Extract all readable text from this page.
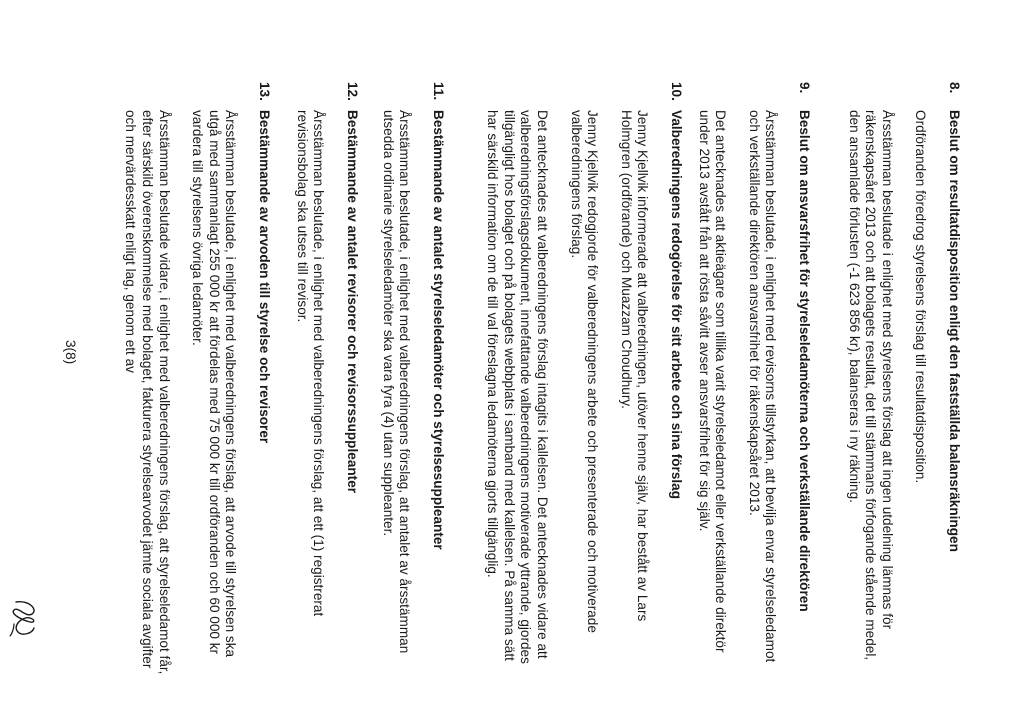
8.
Beslut om resultatdisposition enligt den fastställda balansräkningen

Ordföranden föredrog styrelsens förslag till resultatdisposition.

Årsstämman beslutade i enlighet med styrelsens förslag att ingen utdelning lämnas för räkenskapsåret 2013 och att bolagets resultat, det till stämmans förfogande stående medel, den ansamlade förlusten (-1 623 856 kr), balanseras i ny räkning.

9.
Beslut om ansvarsfrihet för styrelseledamöterna och verkställande direktören

Årsstämman beslutade, i enlighet med revisorns tillstyrkan, att bevilja envar styrelseledamot och verkställande direktören ansvarsfrihet för räkenskapsåret 2013.

Det antecknades att aktieägare som tillika varit styrelseledamot eller verkställande direktör under 2013 avstått från att rösta såvitt avser ansvarsfrihet för sig själv.

10.
Valberedningens redogörelse för sitt arbete och sina förslag

Jenny Kjellvik informerade att valberedningen, utöver henne själv, har bestått av Lars Holmgren (ordförande) och Muazzam Choudhury.

Jenny Kjellvik redogjorde för valberedningens arbete och presenterade och motiverade valberedningens förslag.

Det antecknades att valberedningens förslag intagits i kallelsen. Det antecknades vidare att valberedningsförslagsdokument, innefattande valberedningens motiverade yttrande, gjordes tillgängligt hos bolaget och på bolagets webbplats i samband med kallelsen. På samma sätt har särskild information om de till val föreslagna ledamöterna gjorts tillgänglig.

11.
Bestämmande av antalet styrelseledamöter och styrelsesuppleanter

Årsstämman beslutade, i enlighet med valberedningens förslag, att antalet av årsstämman utsedda ordinarie styrelseledamöter ska vara fyra (4) utan suppleanter.

12.
Bestämmande av antalet revisorer och revisorssuppleanter

Årsstämman beslutade, i enlighet med valberedningens förslag, att ett (1) registrerat revisionsbolag ska utses till revisor.

13.
Bestämmande av arvoden till styrelse och revisorer

Årsstämman beslutade, i enlighet med valberedningens förslag, att arvode till styrelsen ska utgå med sammanlagt 255 000 kr att fördelas med 75 000 kr till ordföranden och 60 000 kr vardera till styrelsens övriga ledamöter.

Årsstämman beslutade vidare, i enlighet med valberedningens förslag, att styrelseledamot får, efter särskild överenskommelse med bolaget, fakturera styrelsearvodet jämte sociala avgifter och mervärdesskatt enligt lag, genom ett av

3(8)
